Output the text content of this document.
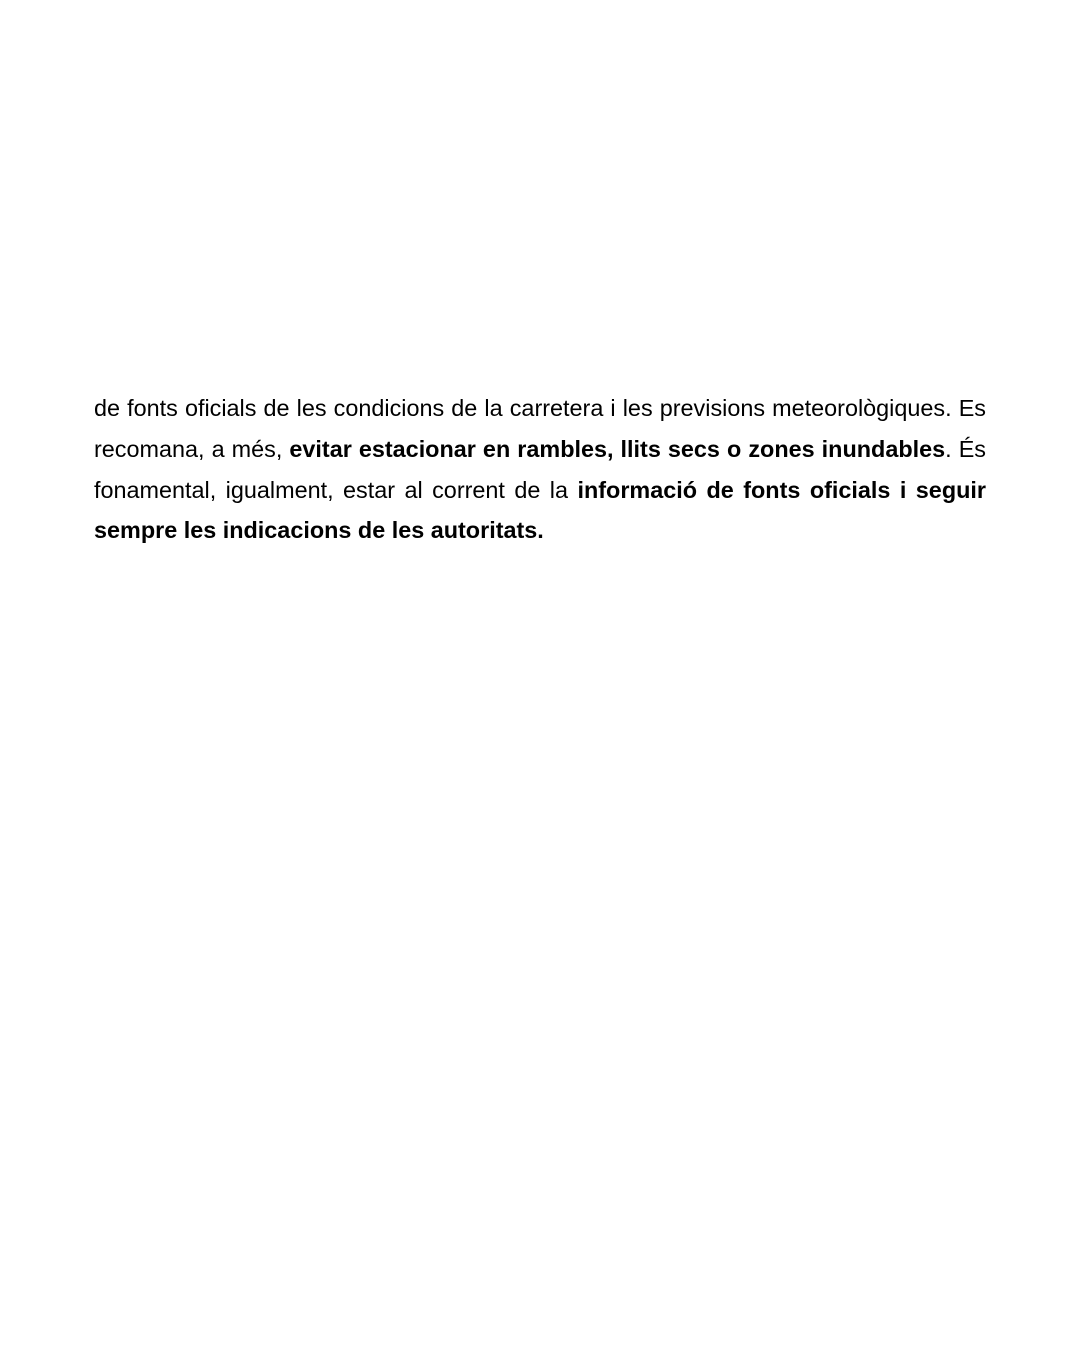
de fonts oficials de les condicions de la carretera i les previsions meteorològiques. Es recomana, a més, evitar estacionar en rambles, llits secs o zones inundables. És fonamental, igualment, estar al corrent de la informació de fonts oficials i seguir sempre les indicacions de les autoritats.
